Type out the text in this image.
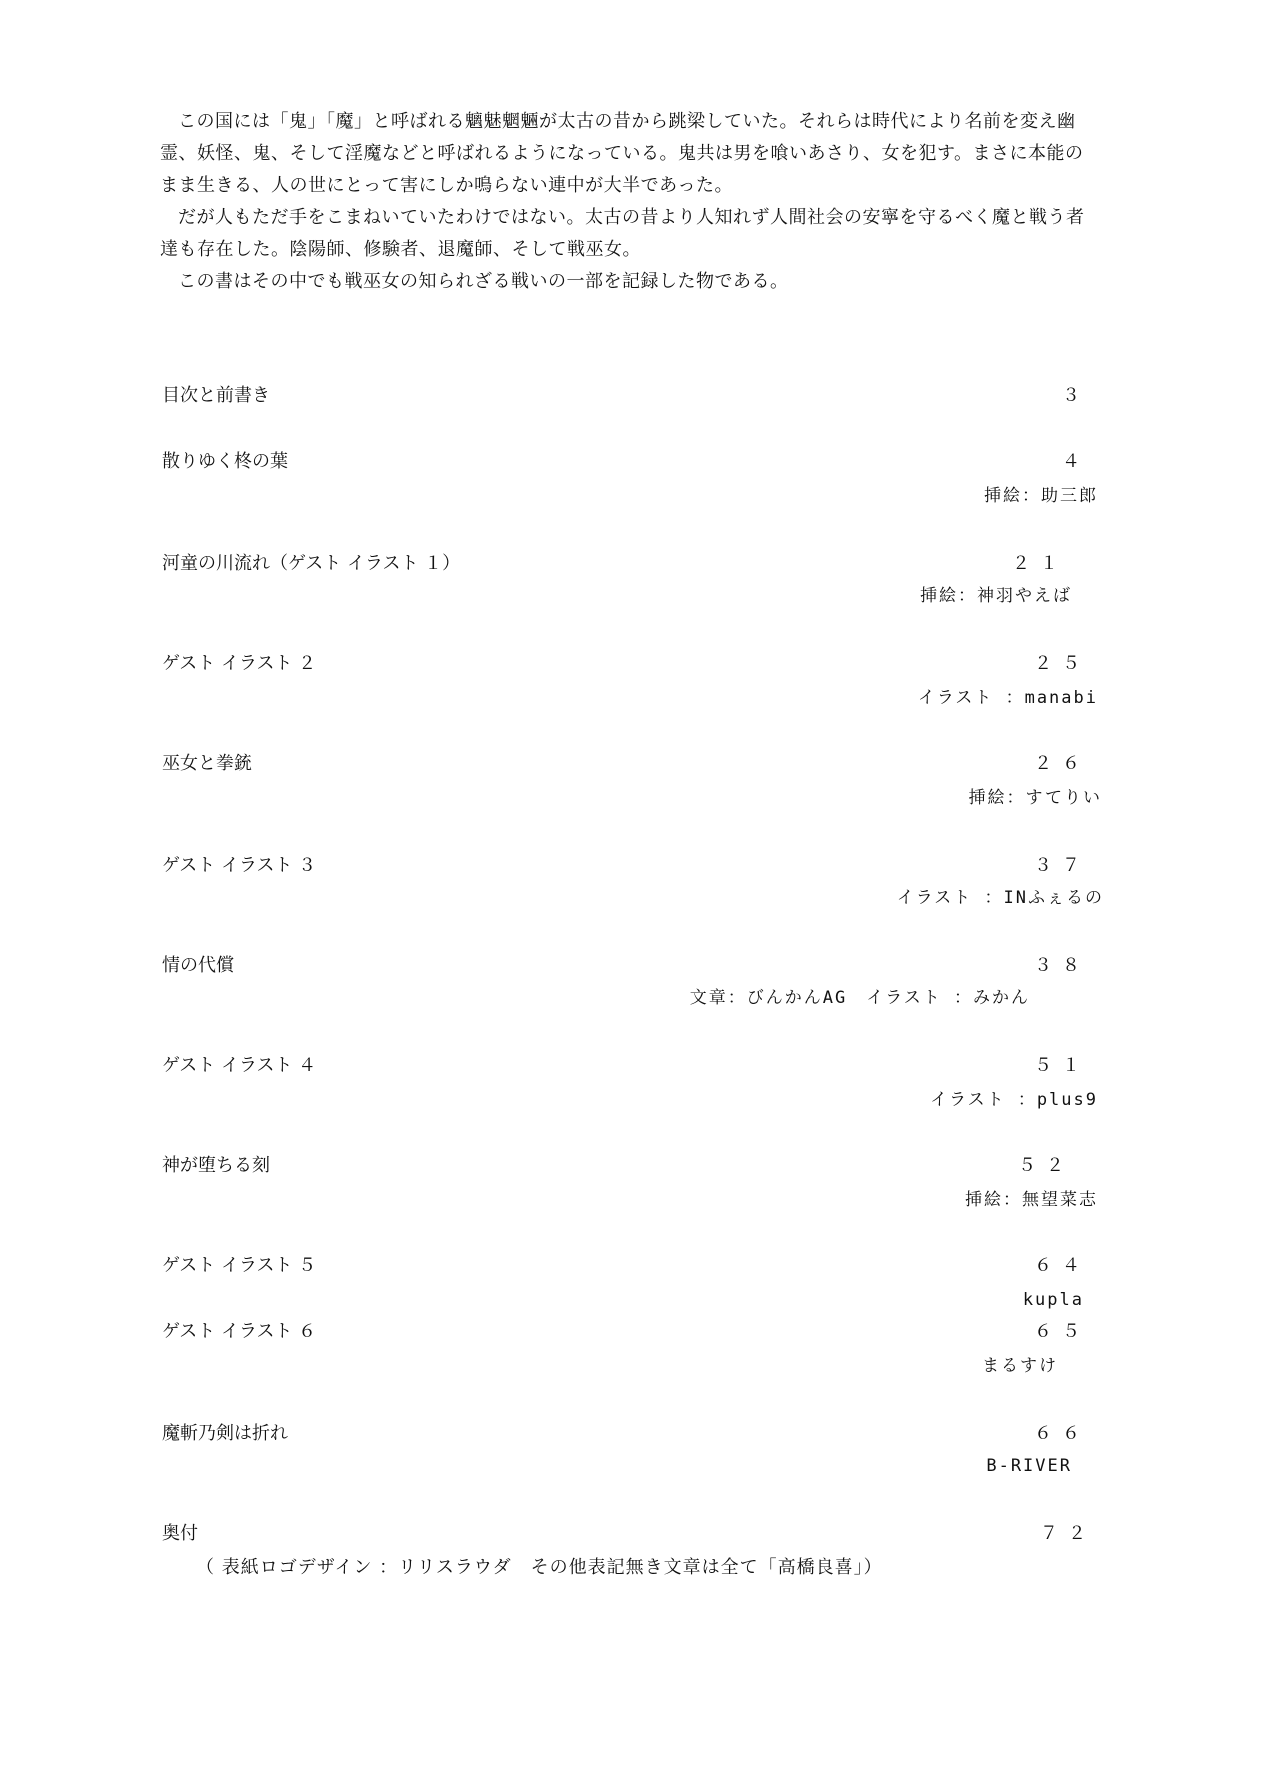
この国には「鬼」「魔」と呼ばれる魑魅魍魎が太古の昔から跳梁していた。それらは時代により名前を変え幽霊、妖怪、鬼、そして淫魔などと呼ばれるようになっている。鬼共は男を喰いあさり、女を犯す。まさに本能のまま生きる、人の世にとって害にしか鳴らない連中が大半であった。

だが人もただ手をこまねいていたわけではない。太古の昔より人知れず人間社会の安寧を守るべく魔と戦う者達も存在した。陰陽師、修験者、退魔師、そして戦巫女。

この書はその中でも戦巫女の知られざる戦いの一部を記録した物である。

目次と前書き	３
散りゆく柊の葉	４
挿絵：助三郎
河童の川流れ（ゲスト イラスト １）	２１
挿絵：神羽やえば
ゲスト イラスト ２	２５
イラスト ：manabi
巫女と拳銃	２６
挿絵：すてりい
ゲスト イラスト ３	３７
イラスト ：INふぇるの
情の代償	３８
文章：びんかんAG　イラスト ：みかん
ゲスト イラスト ４	５１
イラスト ：plus9
神が堕ちる刻	５２
挿絵：無望菜志
ゲスト イラスト ５	６４
kupla
ゲスト イラスト ６	６５
まるすけ
魔斬乃剣は折れ	６６
B-RIVER
奥付	７２
（ 表紙ロゴデザイン ：リリスラウダ　その他表記無き文章は全て「高橋良喜」）
